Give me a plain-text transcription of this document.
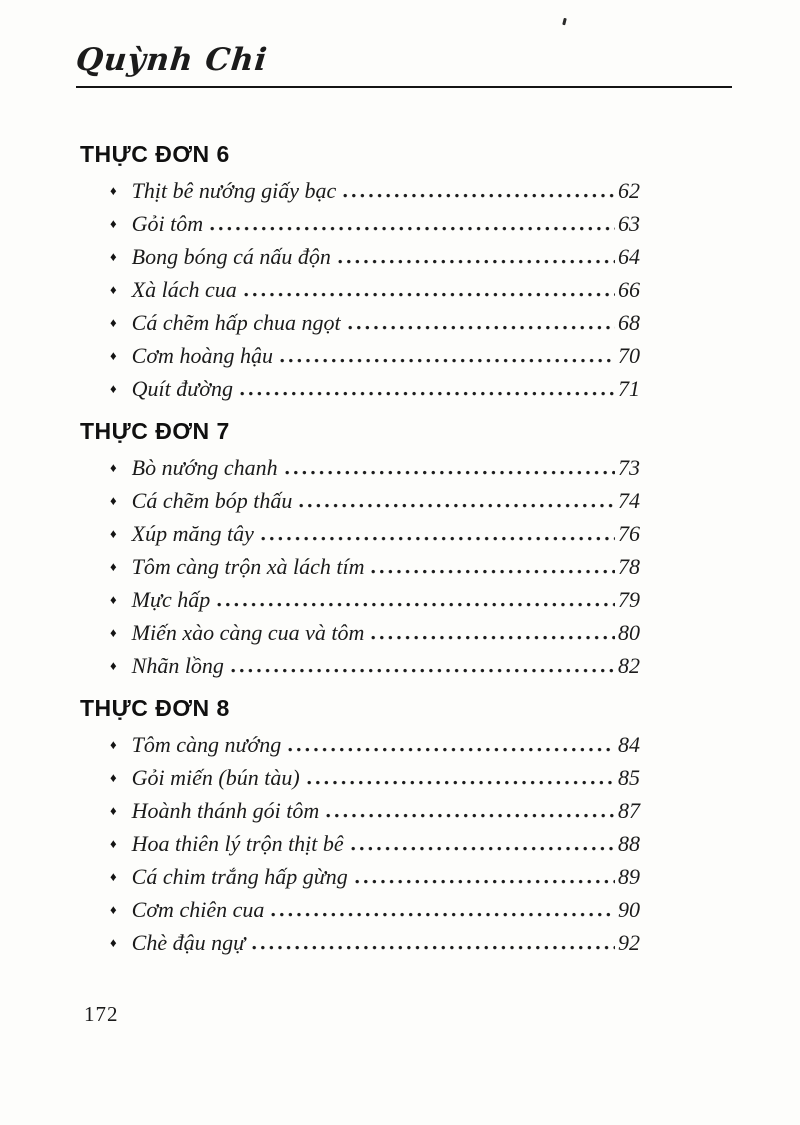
Quỳnh Chi
THỰC ĐƠN 6
♦ Thịt bê nướng giấy bạc	62
♦ Gỏi tôm	63
♦ Bong bóng cá nấu độn	64
♦ Xà lách cua	66
♦ Cá chẽm hấp chua ngọt	68
♦ Cơm hoàng hậu	70
♦ Quít đường	71
THỰC ĐƠN 7
♦ Bò nướng chanh	73
♦ Cá chẽm bóp thấu	74
♦ Xúp măng tây	76
♦ Tôm càng trộn xà lách tím	78
♦ Mực hấp	79
♦ Miến xào càng cua và tôm	80
♦ Nhãn lồng	82
THỰC ĐƠN 8
♦ Tôm càng nướng	84
♦ Gỏi miến (bún tàu)	85
♦ Hoành thánh gói tôm	87
♦ Hoa thiên lý trộn thịt bê	88
♦ Cá chim trắng hấp gừng	89
♦ Cơm chiên cua	90
♦ Chè đậu ngự	92
172
